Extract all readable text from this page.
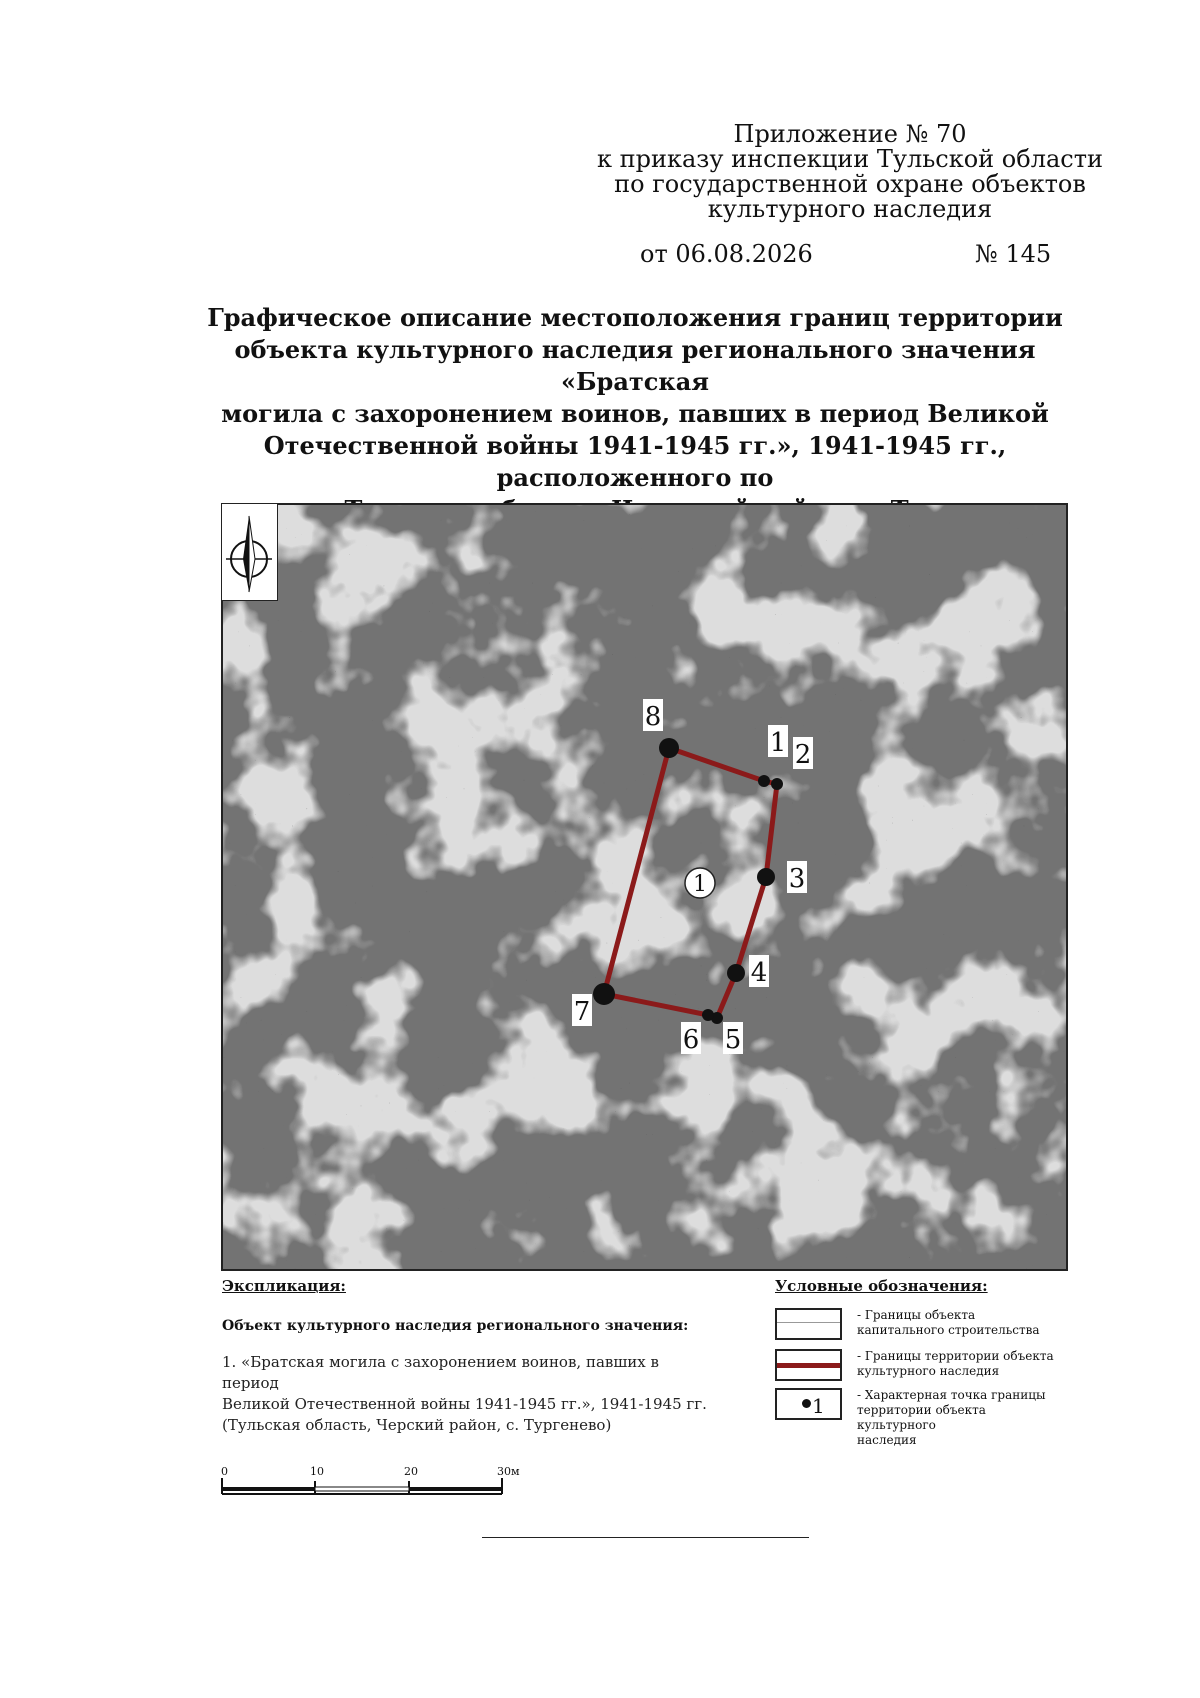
Приложение № 70
к приказу инспекции Тульской области
по государственной охране объектов
культурного наследия
от 06.08.2026	№ 145
Графическое описание местоположения границ территории
объекта культурного наследия регионального значения «Братская
могила с захоронением воинов, павших в период Великой
Отечественной войны 1941-1945 гг.», 1941-1945 гг., расположенного по
1 2
3
4
5
6
7
8
1
Экспликация:
Объект культурного наследия регионального значения:
1. «Братская могила с захоронением воинов, павших в период
Великой Отечественной войны 1941-1945 гг.», 1941-1945 гг.
(Тульская область, Черский район, с. Тургенево)
Условные обозначения:
- Границы объекта
капитального строительства
- Границы территории объекта
культурного наследия
1	- Характерная точка границы
территории объекта культурного
наследия
0	10	20	30м
